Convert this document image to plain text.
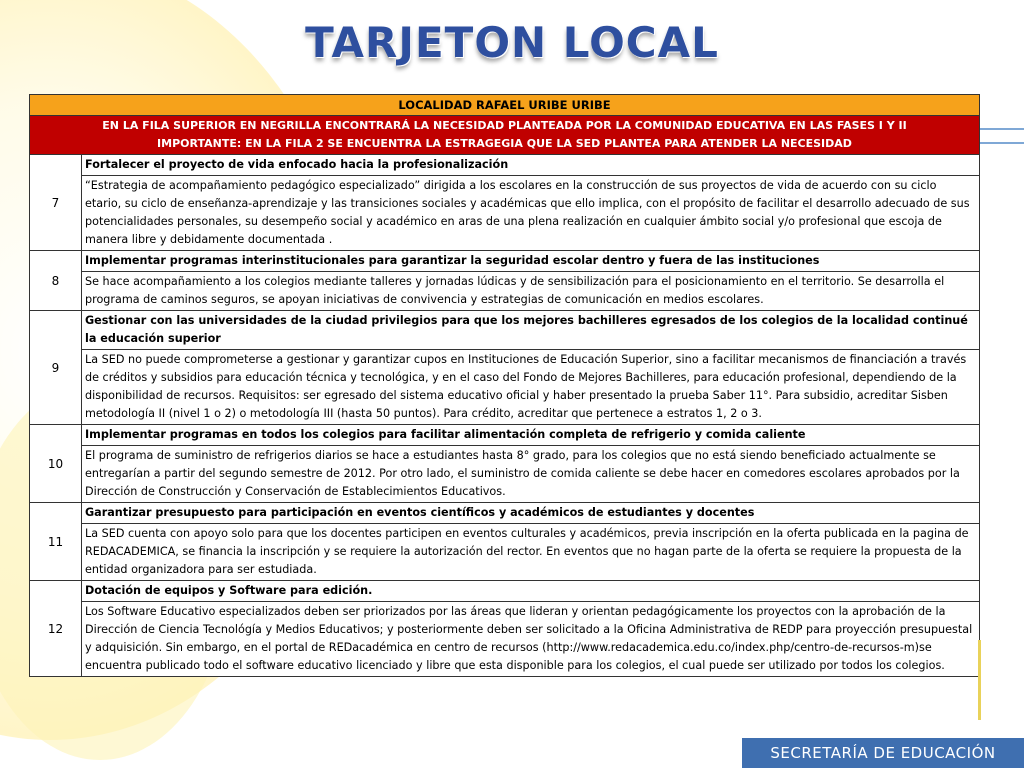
TARJETON LOCAL
LOCALIDAD RAFAEL URIBE URIBE	

EN LA FILA SUPERIOR EN NEGRILLA ENCONTRARÁ LA NECESIDAD PLANTEADA POR LA COMUNIDAD EDUCATIVA EN LAS FASES I Y II
IMPORTANTE: EN LA FILA 2 SE ENCUENTRA LA ESTRAGEGIA QUE LA SED PLANTEA PARA ATENDER LA NECESIDAD	

7	Fortalecer el proyecto de vida enfocado hacia la profesionalización
	“Estrategia de acompañamiento pedagógico especializado” dirigida a los escolares en la construcción de sus proyectos de vida de acuerdo con su ciclo etario, su ciclo de enseñanza-aprendizaje y las transiciones sociales y académicas que ello implica, con el propósito de facilitar el desarrollo adecuado de sus potencialidades personales, su desempeño social y académico en aras de una plena realización en cualquier ámbito social y/o profesional que escoja de manera libre y debidamente documentada .
8	Implementar programas interinstitucionales para garantizar la seguridad escolar dentro y fuera de las instituciones
	Se hace acompañamiento a los colegios mediante talleres y jornadas lúdicas y de sensibilización para el posicionamiento en el territorio. Se desarrolla el programa de caminos seguros, se apoyan iniciativas de convivencia y estrategias de comunicación en medios escolares.
9	Gestionar con las universidades de la ciudad privilegios para que los mejores bachilleres egresados de los colegios de la localidad continué la educación superior
	La SED no puede comprometerse a gestionar y garantizar cupos en Instituciones de Educación Superior, sino a facilitar mecanismos de financiación a través de créditos y subsidios para educación técnica y tecnológica, y en el caso del Fondo de Mejores Bachilleres, para educación profesional, dependiendo de la disponibilidad de recursos. Requisitos: ser egresado del sistema educativo oficial y haber presentado la prueba Saber 11°. Para subsidio, acreditar Sisben metodología II (nivel 1 o 2) o metodología III (hasta 50 puntos). Para crédito, acreditar que pertenece a estratos 1, 2 o 3.
10	Implementar programas en todos los colegios para facilitar alimentación completa de refrigerio y comida caliente
	El programa de suministro de refrigerios diarios se hace a estudiantes hasta 8° grado, para los colegios que no está siendo beneficiado actualmente se entregarían a partir del segundo semestre de 2012. Por otro lado, el suministro de comida caliente se debe hacer en comedores escolares aprobados por la Dirección de Construcción y Conservación de Establecimientos Educativos.
11	Garantizar presupuesto para participación en eventos científicos y académicos de estudiantes y docentes
	La SED cuenta con apoyo solo para que los docentes participen en eventos culturales y académicos, previa inscripción en la oferta publicada en la pagina de REDACADEMICA, se financia la inscripción y se requiere la autorización del rector. En eventos que no hagan parte de la oferta se requiere la propuesta de la entidad organizadora para ser estudiada.
12	Dotación de equipos y Software para edición.
	Los Software Educativo especializados deben ser priorizados por las áreas que lideran y orientan pedagógicamente los proyectos con la aprobación de la Dirección de Ciencia Tecnológía y Medios Educativos; y posteriormente deben ser solicitado a la Oficina Administrativa de REDP para proyección presupuestal y adquisición. Sin embargo, en el portal de REDacadémica en centro de recursos (http://www.redacademica.edu.co/index.php/centro-de-recursos-m)se encuentra publicado todo el software educativo licenciado y libre que esta disponible para los colegios, el cual puede ser utilizado por todos los colegios.
SECRETARÍA DE EDUCACIÓN
